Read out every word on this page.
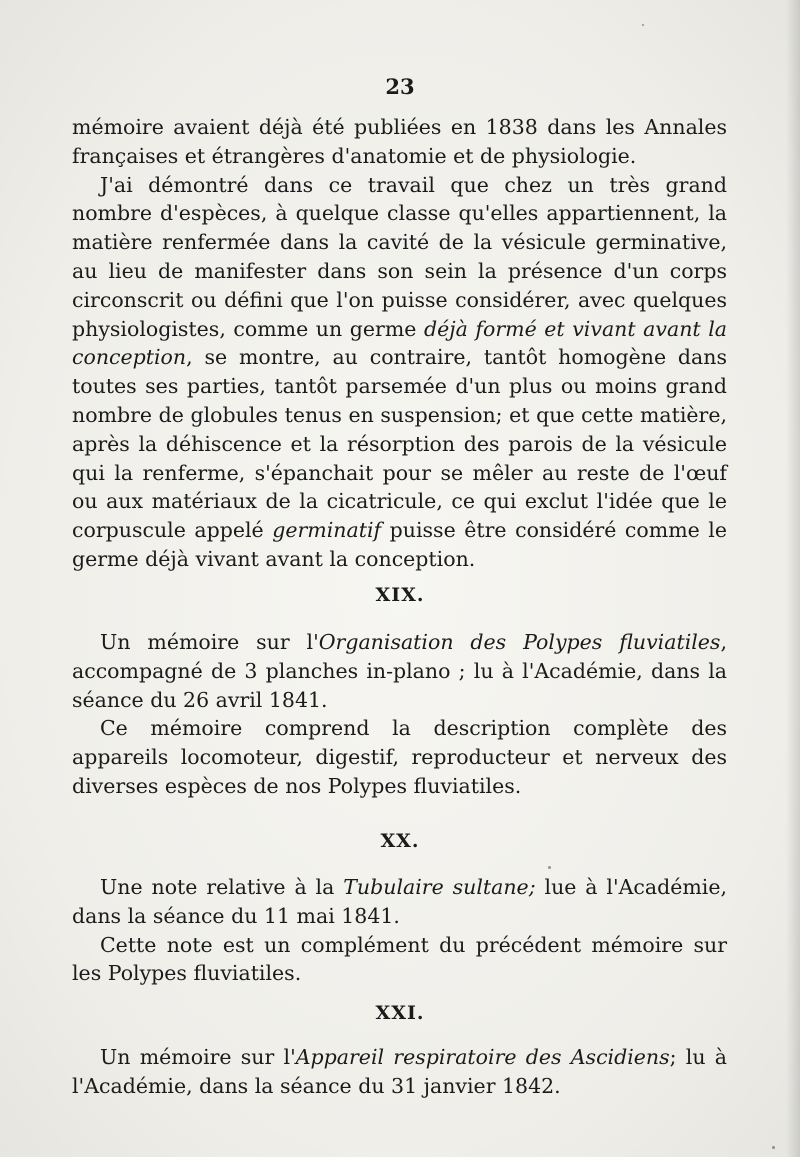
23

mémoire avaient déjà été publiées en 1838 dans les Annales françaises et étrangères d'anatomie et de physiologie.

J'ai démontré dans ce travail que chez un très grand nombre d'espèces, à quelque classe qu'elles appartiennent, la matière renfermée dans la cavité de la vésicule germinative, au lieu de manifester dans son sein la présence d'un corps circonscrit ou défini que l'on puisse considérer, avec quelques physiologistes, comme un germe déjà formé et vivant avant la conception, se montre, au contraire, tantôt homogène dans toutes ses parties, tantôt parsemée d'un plus ou moins grand nombre de globules tenus en suspension; et que cette matière, après la déhiscence et la résorption des parois de la vésicule qui la renferme, s'épanchait pour se mêler au reste de l'œuf ou aux matériaux de la cicatricule, ce qui exclut l'idée que le corpuscule appelé germinatif puisse être considéré comme le germe déjà vivant avant la conception.

XIX.

Un mémoire sur l'Organisation des Polypes fluviatiles, accompagné de 3 planches in-plano ; lu à l'Académie, dans la séance du 26 avril 1841.

Ce mémoire comprend la description complète des appareils locomoteur, digestif, reproducteur et nerveux des diverses espèces de nos Polypes fluviatiles.

XX.

Une note relative à la Tubulaire sultane; lue à l'Académie, dans la séance du 11 mai 1841.

Cette note est un complément du précédent mémoire sur les Polypes fluviatiles.

XXI.

Un mémoire sur l'Appareil respiratoire des Ascidiens; lu à l'Académie, dans la séance du 31 janvier 1842.
